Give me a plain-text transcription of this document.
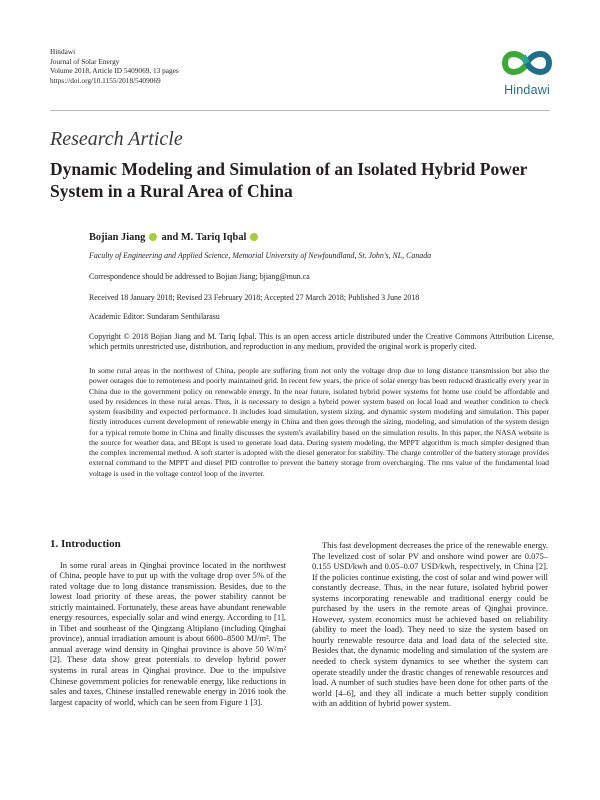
Hindawi
Journal of Solar Energy
Volume 2018, Article ID 5409069, 13 pages
https://doi.org/10.1155/2018/5409069
Hindawi
Research Article
Dynamic Modeling and Simulation of an Isolated Hybrid Power System in a Rural Area of China
Bojian Jiang and M. Tariq Iqbal
Faculty of Engineering and Applied Science, Memorial University of Newfoundland, St. John's, NL, Canada
Correspondence should be addressed to Bojian Jiang; bjiang@mun.ca
Received 18 January 2018; Revised 23 February 2018; Accepted 27 March 2018; Published 3 June 2018
Academic Editor: Sundaram Senthilarasu
Copyright © 2018 Bojian Jiang and M. Tariq Iqbal. This is an open access article distributed under the Creative Commons Attribution License, which permits unrestricted use, distribution, and reproduction in any medium, provided the original work is properly cited.
In some rural areas in the northwest of China, people are suffering from not only the voltage drop due to long distance transmission but also the power outages due to remoteness and poorly maintained grid. In recent few years, the price of solar energy has been reduced drastically every year in China due to the government policy on renewable energy. In the near future, isolated hybrid power systems for home use could be affordable and used by residences in these rural areas. Thus, it is necessary to design a hybrid power system based on local load and weather condition to check system feasibility and expected performance. It includes load simulation, system sizing, and dynamic system modeling and simulation. This paper firstly introduces current development of renewable energy in China and then goes through the sizing, modeling, and simulation of the system design for a typical remote home in China and finally discusses the system's availability based on the simulation results. In this paper, the NASA website is the source for weather data, and BEopt is used to generate load data. During system modeling, the MPPT algorithm is much simpler designed than the complex incremental method. A soft starter is adopted with the diesel generator for stability. The charge controller of the battery storage provides external command to the MPPT and diesel PID controller to prevent the battery storage from overcharging. The rms value of the fundamental load voltage is used in the voltage control loop of the inverter.
1. Introduction

In some rural areas in Qinghai province located in the northwest of China, people have to put up with the voltage drop over 5% of the rated voltage due to long distance transmission. Besides, due to the lowest load priority of these areas, the power stability cannot be strictly maintained. Fortunately, these areas have abundant renewable energy resources, especially solar and wind energy. According to [1], in Tibet and southeast of the Qingzang Altiplano (including Qinghai province), annual irradiation amount is about 6600–8500 MJ/m². The annual average wind density in Qinghai province is above 50 W/m² [2]. These data show great potentials to develop hybrid power systems in rural areas in Qinghai province. Due to the impulsive Chinese government policies for renewable energy, like reductions in sales and taxes, Chinese installed renewable energy in 2016 took the largest capacity of world, which can be seen from Figure 1 [3].

This fast development decreases the price of the renewable energy. The levelized cost of solar PV and onshore wind power are 0.075–0.155 USD/kwh and 0.05–0.07 USD/kwh, respectively, in China [2]. If the policies continue existing, the cost of solar and wind power will constantly decrease. Thus, in the near future, isolated hybrid power systems incorporating renewable and traditional energy could be purchased by the users in the remote areas of Qinghai province. However, system economics must be achieved based on reliability (ability to meet the load). They need to size the system based on hourly renewable resource data and load data of the selected site. Besides that, the dynamic modeling and simulation of the system are needed to check system dynamics to see whether the system can operate steadily under the drastic changes of renewable resources and load. A number of such studies have been done for other parts of the world [4–6], and they all indicate a much better supply condition with an addition of hybrid power system.
